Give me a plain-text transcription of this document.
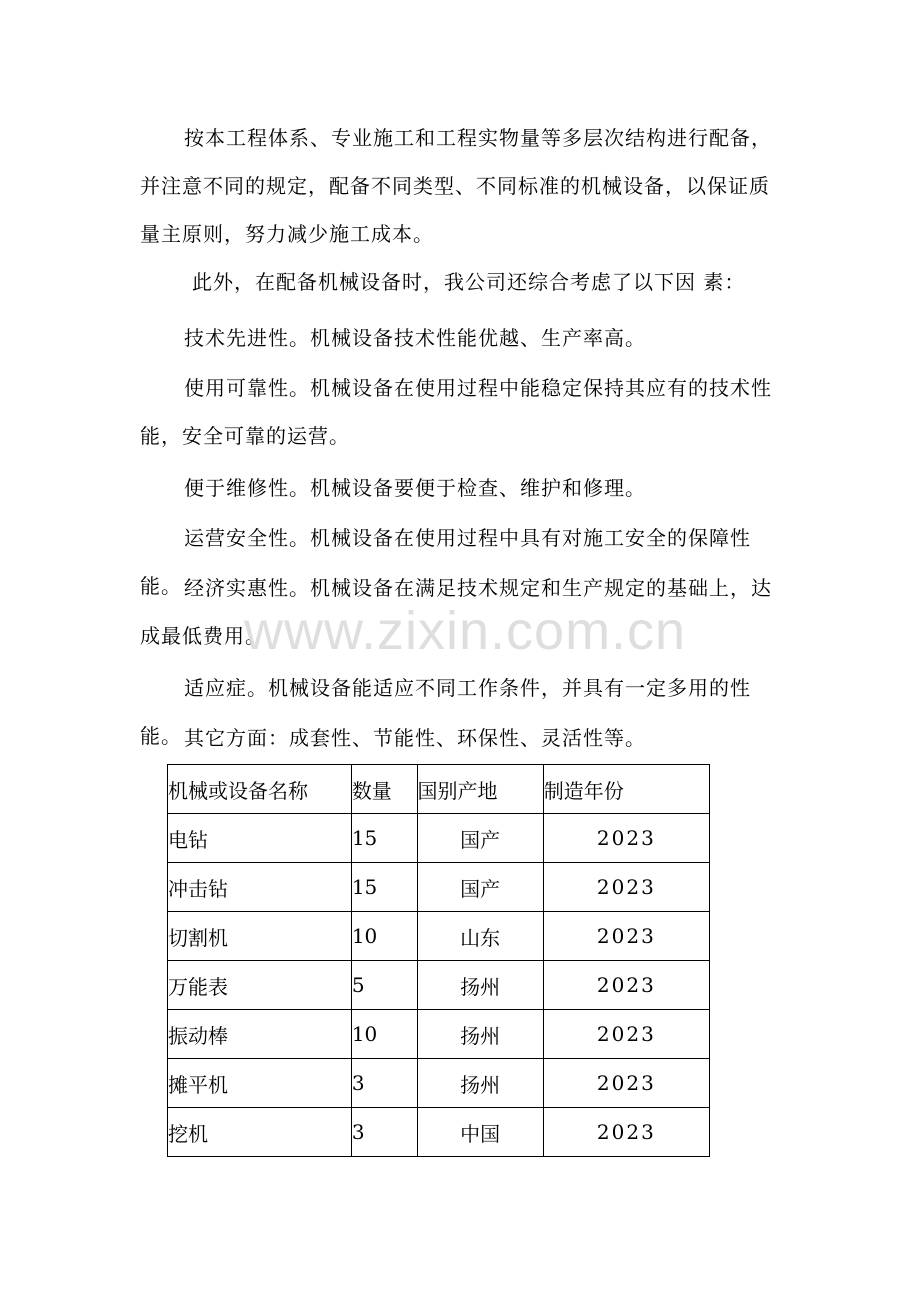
按本工程体系、专业施工和工程实物量等多层次结构进行配备，并注意不同的规定，配备不同类型、不同标准的机械设备，以保证质量主原则，努力减少施工成本。

此外，在配备机械设备时，我公司还综合考虑了以下因 素：

技术先进性。机械设备技术性能优越、生产率高。

使用可靠性。机械设备在使用过程中能稳定保持其应有的技术性能，安全可靠的运营。

便于维修性。机械设备要便于检查、维护和修理。

运营安全性。机械设备在使用过程中具有对施工安全的保障性能。 经济实惠性。机械设备在满足技术规定和生产规定的基础上，达成最低费用。

适应症。机械设备能适应不同工作条件，并具有一定多用的性能。 其它方面：成套性、节能性、环保性、灵活性等。

www.zixin.com.cn
机械或设备名称	数量	国别产地	制造年份
电钻	15	国产	2023
冲击钻	15	国产	2023
切割机	10	山东	2023
万能表	5	扬州	2023
振动棒	10	扬州	2023
摊平机	3	扬州	2023
挖机	3	中国	2023
